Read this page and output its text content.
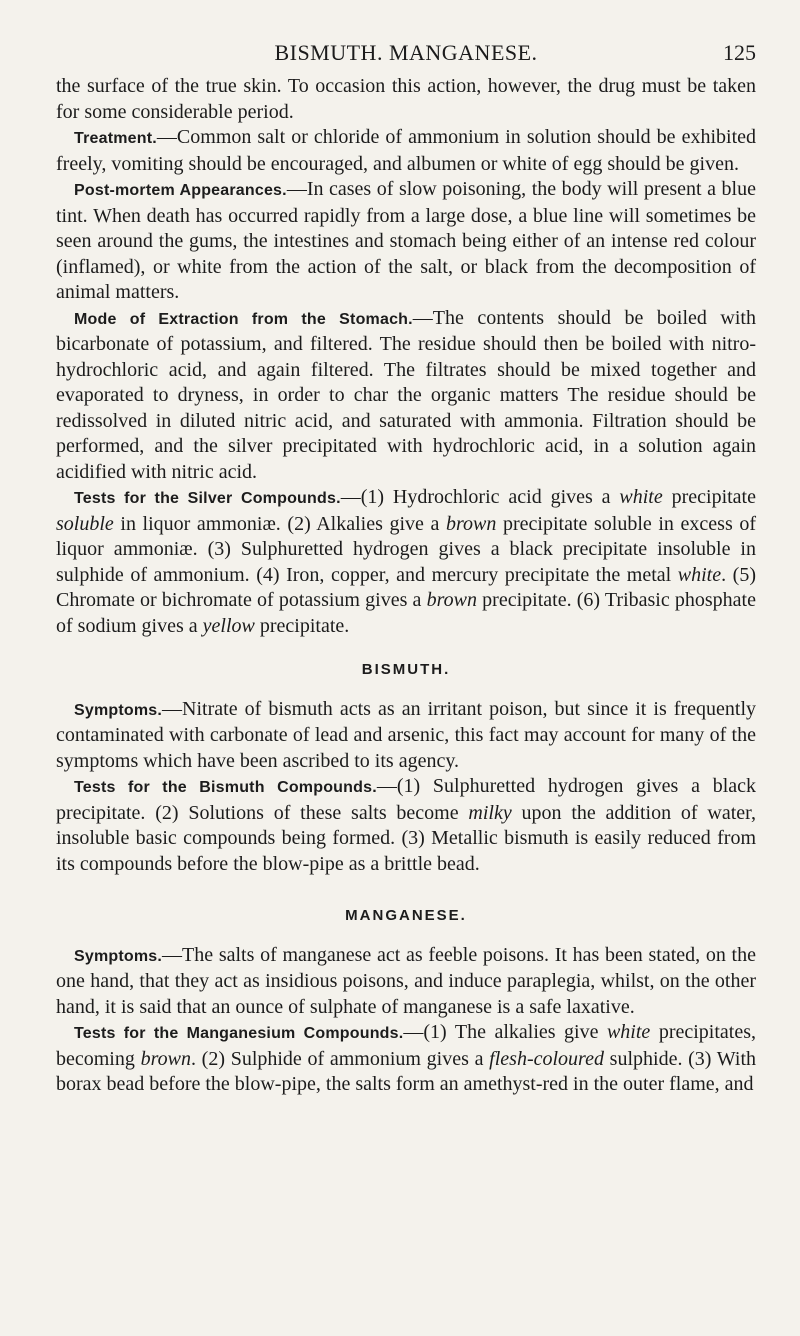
BISMUTH. MANGANESE.	125

the surface of the true skin. To occasion this action, however, the drug must be taken for some considerable period.

Treatment.—Common salt or chloride of ammonium in solution should be exhibited freely, vomiting should be encouraged, and albumen or white of egg should be given.

Post-mortem Appearances.—In cases of slow poisoning, the body will present a blue tint. When death has occurred rapidly from a large dose, a blue line will sometimes be seen around the gums, the intestines and stomach being either of an intense red colour (inflamed), or white from the action of the salt, or black from the decomposition of animal matters.

Mode of Extraction from the Stomach.—The contents should be boiled with bicarbonate of potassium, and filtered. The residue should then be boiled with nitro-hydrochloric acid, and again filtered. The filtrates should be mixed together and evaporated to dryness, in order to char the organic matters The residue should be redissolved in diluted nitric acid, and saturated with ammonia. Filtration should be performed, and the silver precipitated with hydrochloric acid, in a solution again acidified with nitric acid.

Tests for the Silver Compounds.—(1) Hydrochloric acid gives a white precipitate soluble in liquor ammoniæ. (2) Alkalies give a brown precipitate soluble in excess of liquor ammoniæ. (3) Sulphuretted hydrogen gives a black precipitate insoluble in sulphide of ammonium. (4) Iron, copper, and mercury precipitate the metal white. (5) Chromate or bichromate of potassium gives a brown precipitate. (6) Tribasic phosphate of sodium gives a yellow precipitate.

BISMUTH.

Symptoms.—Nitrate of bismuth acts as an irritant poison, but since it is frequently contaminated with carbonate of lead and arsenic, this fact may account for many of the symptoms which have been ascribed to its agency.

Tests for the Bismuth Compounds.—(1) Sulphuretted hydrogen gives a black precipitate. (2) Solutions of these salts become milky upon the addition of water, insoluble basic compounds being formed. (3) Metallic bismuth is easily reduced from its compounds before the blow-pipe as a brittle bead.

MANGANESE.

Symptoms.—The salts of manganese act as feeble poisons. It has been stated, on the one hand, that they act as insidious poisons, and induce paraplegia, whilst, on the other hand, it is said that an ounce of sulphate of manganese is a safe laxative.

Tests for the Manganesium Compounds.—(1) The alkalies give white precipitates, becoming brown. (2) Sulphide of ammonium gives a flesh-coloured sulphide. (3) With borax bead before the blow-pipe, the salts form an amethyst-red in the outer flame, and
